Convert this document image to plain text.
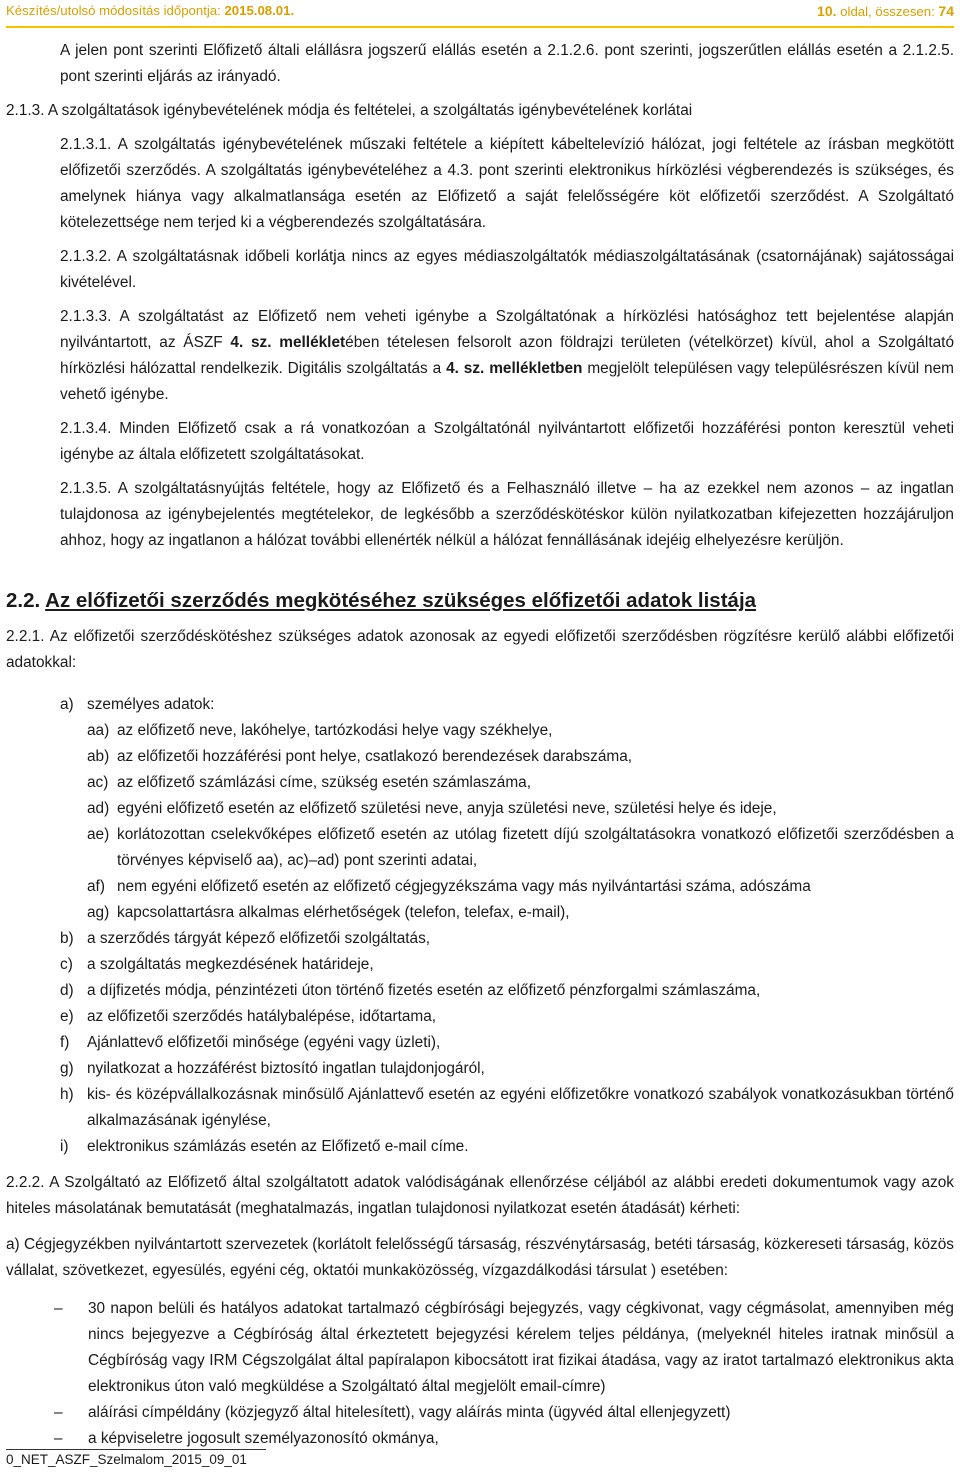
Készítés/utolsó módosítás időpontja: 2015.08.01.	10. oldal, összesen: 74

A jelen pont szerinti Előfizető általi elállásra jogszerű elállás esetén a 2.1.2.6. pont szerinti, jogszerűtlen elállás esetén a 2.1.2.5. pont szerinti eljárás az irányadó.

2.1.3. A szolgáltatások igénybevételének módja és feltételei, a szolgáltatás igénybevételének korlátai

2.1.3.1. A szolgáltatás igénybevételének műszaki feltétele a kiépített kábeltelevízió hálózat, jogi feltétele az írásban megkötött előfizetői szerződés. A szolgáltatás igénybevételéhez a 4.3. pont szerinti elektronikus hírközlési végberendezés is szükséges, és amelynek hiánya vagy alkalmatlansága esetén az Előfizető a saját felelősségére köt előfizetői szerződést. A Szolgáltató kötelezettsége nem terjed ki a végberendezés szolgáltatására.

2.1.3.2. A szolgáltatásnak időbeli korlátja nincs az egyes médiaszolgáltatók médiaszolgáltatásának (csatornájának) sajátosságai kivételével.

2.1.3.3. A szolgáltatást az Előfizető nem veheti igénybe a Szolgáltatónak a hírközlési hatósághoz tett bejelentése alapján nyilvántartott, az ÁSZF 4. sz. mellékletében tételesen felsorolt azon földrajzi területen (vételkörzet) kívül, ahol a Szolgáltató hírközlési hálózattal rendelkezik. Digitális szolgáltatás a 4. sz. mellékletben megjelölt településen vagy településrészen kívül nem vehető igénybe.

2.1.3.4. Minden Előfizető csak a rá vonatkozóan a Szolgáltatónál nyilvántartott előfizetői hozzáférési ponton keresztül veheti igénybe az általa előfizetett szolgáltatásokat.

2.1.3.5. A szolgáltatásnyújtás feltétele, hogy az Előfizető és a Felhasználó illetve – ha az ezekkel nem azonos – az ingatlan tulajdonosa az igénybejelentés megtételekor, de legkésőbb a szerződéskötéskor külön nyilatkozatban kifejezetten hozzájáruljon ahhoz, hogy az ingatlanon a hálózat további ellenérték nélkül a hálózat fennállásának idejéig elhelyezésre kerüljön.

2.2. Az előfizetői szerződés megkötéséhez szükséges előfizetői adatok listája

2.2.1. Az előfizetői szerződéskötéshez szükséges adatok azonosak az egyedi előfizetői szerződésben rögzítésre kerülő alábbi előfizetői adatokkal:

a) személyes adatok:
aa) az előfizető neve, lakóhelye, tartózkodási helye vagy székhelye,
ab) az előfizetői hozzáférési pont helye, csatlakozó berendezések darabszáma,
ac) az előfizető számlázási címe, szükség esetén számlaszáma,
ad) egyéni előfizető esetén az előfizető születési neve, anyja születési neve, születési helye és ideje,
ae) korlátozottan cselekvőképes előfizető esetén az utólag fizetett díjú szolgáltatásokra vonatkozó előfizetői szerződésben a törvényes képviselő aa), ac)–ad) pont szerinti adatai,
af) nem egyéni előfizető esetén az előfizető cégjegyzékszáma vagy más nyilvántartási száma, adószáma
ag) kapcsolattartásra alkalmas elérhetőségek (telefon, telefax, e-mail),
b) a szerződés tárgyát képező előfizetői szolgáltatás,
c) a szolgáltatás megkezdésének határideje,
d) a díjfizetés módja, pénzintézeti úton történő fizetés esetén az előfizető pénzforgalmi számlaszáma,
e) az előfizetői szerződés hatálybalépése, időtartama,
f) Ajánlattevő előfizetői minősége (egyéni vagy üzleti),
g) nyilatkozat a hozzáférést biztosító ingatlan tulajdonjogáról,
h) kis- és középvállalkozásnak minősülő Ajánlattevő esetén az egyéni előfizetőkre vonatkozó szabályok vonatkozásukban történő alkalmazásának igénylése,
i) elektronikus számlázás esetén az Előfizető e-mail címe.

2.2.2. A Szolgáltató az Előfizető által szolgáltatott adatok valódiságának ellenőrzése céljából az alábbi eredeti dokumentumok vagy azok hiteles másolatának bemutatását (meghatalmazás, ingatlan tulajdonosi nyilatkozat esetén átadását) kérheti:

a) Cégjegyzékben nyilvántartott szervezetek (korlátolt felelősségű társaság, részvénytársaság, betéti társaság, közkereseti társaság, közös vállalat, szövetkezet, egyesülés, egyéni cég, oktatói munkaközösség, vízgazdálkodási társulat ) esetében:

– 30 napon belüli és hatályos adatokat tartalmazó cégbírósági bejegyzés, vagy cégkivonat, vagy cégmásolat, amennyiben még nincs bejegyezve a Cégbíróság által érkeztetett bejegyzési kérelem teljes példánya, (melyeknél hiteles iratnak minősül a Cégbíróság vagy IRM Cégszolgálat által papíralapon kibocsátott irat fizikai átadása, vagy az iratot tartalmazó elektronikus akta elektronikus úton való megküldése a Szolgáltató által megjelölt email-címre)
– aláírási címpéldány (közjegyző által hitelesített), vagy aláírás minta (ügyvéd által ellenjegyzett)
– a képviseletre jogosult személyazonosító okmánya,
0_NET_ASZF_Szelmalom_2015_09_01
